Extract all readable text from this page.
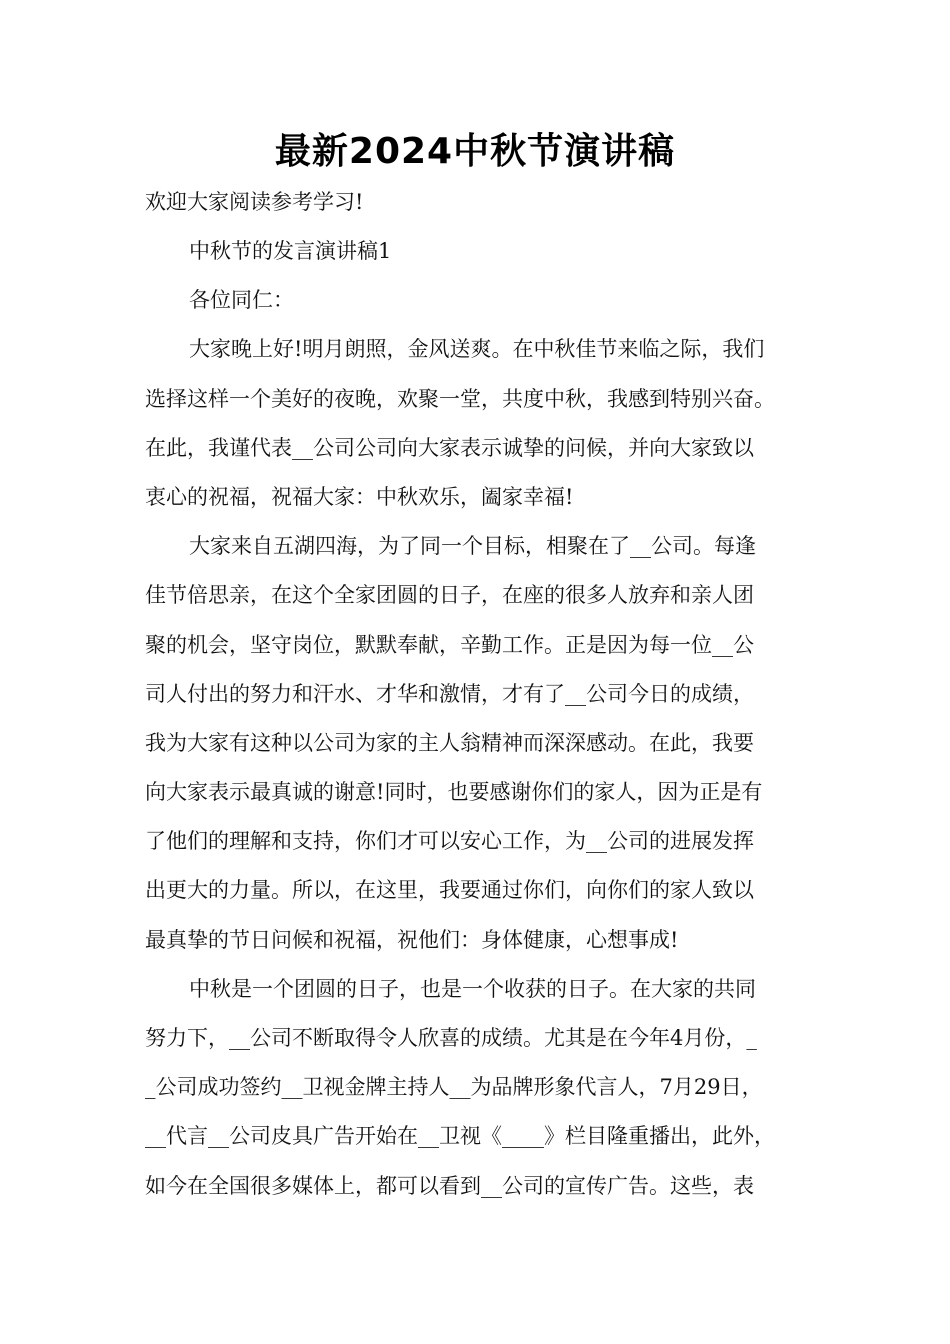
最新2024中秋节演讲稿

欢迎大家阅读参考学习!

中秋节的发言演讲稿1
各位同仁：
大家晚上好!明月朗照，金风送爽。在中秋佳节来临之际，我们
选择这样一个美好的夜晚，欢聚一堂，共度中秋，我感到特别兴奋。
在此，我谨代表__公司公司向大家表示诚挚的问候，并向大家致以
衷心的祝福，祝福大家：中秋欢乐，阖家幸福!
大家来自五湖四海，为了同一个目标，相聚在了__公司。每逢
佳节倍思亲，在这个全家团圆的日子，在座的很多人放弃和亲人团
聚的机会，坚守岗位，默默奉献，辛勤工作。正是因为每一位__公
司人付出的努力和汗水、才华和激情，才有了__公司今日的成绩，
我为大家有这种以公司为家的主人翁精神而深深感动。在此，我要
向大家表示最真诚的谢意!同时，也要感谢你们的家人，因为正是有
了他们的理解和支持，你们才可以安心工作，为__公司的进展发挥
出更大的力量。所以，在这里，我要通过你们，向你们的家人致以
最真挚的节日问候和祝福，祝他们：身体健康，心想事成!
中秋是一个团圆的日子，也是一个收获的日子。在大家的共同
努力下，__公司不断取得令人欣喜的成绩。尤其是在今年4月份，_
_公司成功签约__卫视金牌主持人__为品牌形象代言人，7月29日，
__代言__公司皮具广告开始在__卫视《____》栏目隆重播出，此外，
如今在全国很多媒体上，都可以看到__公司的宣传广告。这些，表
